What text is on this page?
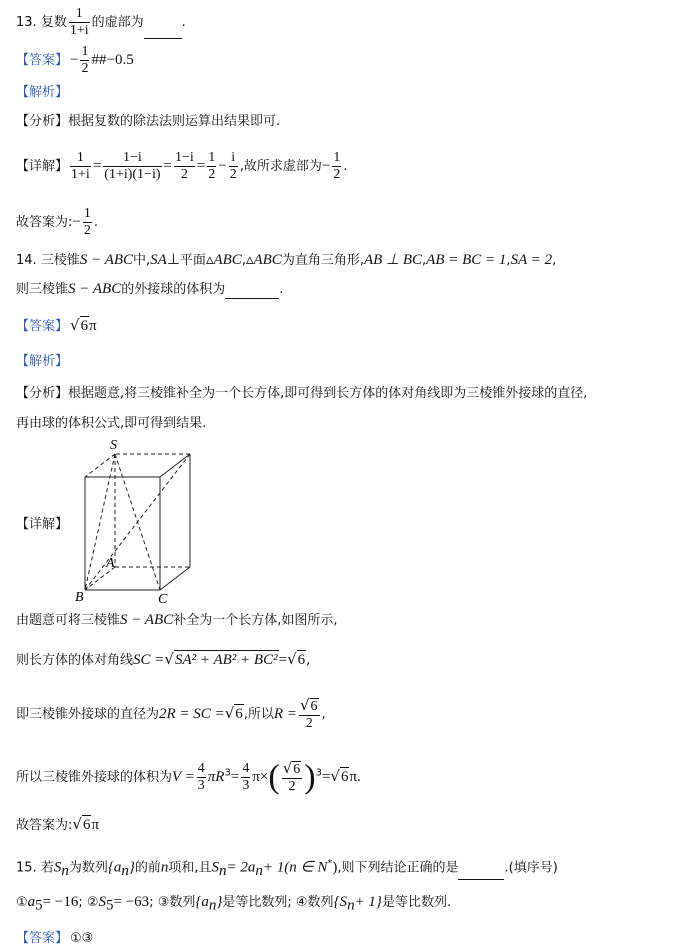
13. 复数 $\frac{1}{1+i}$ 的虚部为	.
【答案】 − $\frac{1}{2}$ ##−0.5
【解析】
【分析】根据复数的除法法则运算出结果即可.
【详解】 $\frac{1}{1+i} = \frac{1-i}{(1+i)(1-i)} = \frac{1-i}{2} = \frac{1}{2} - \frac{i}{2}$ ,故所求虚部为− $\frac{1}{2}$ .
故答案为:− $\frac{1}{2}$ .
14. 三棱锥S − ABC中,SA⊥平面▵ABC,▵ABC为直角三角形,AB ⊥ BC,AB = BC = 1,SA = 2,
则三棱锥S − ABC的外接球的体积为	.
【答案】 √6π
【解析】
【分析】根据题意,将三棱锥补全为一个长方体,即可得到长方体的体对角线即为三棱锥外接球的直径,
再由球的体积公式,即可得到结果.
【详解】
S
A
B	C
由题意可将三棱锥S − ABC补全为一个长方体,如图所示,
则长方体的体对角线SC =√SA² + AB² + BC²=√6,
即三棱锥外接球的直径为2R = SC =√6,所以$R = \frac{√6}{2}$ ,
所以三棱锥外接球的体积为$V = \frac{4}{3} \pi R^3= \frac{4}{3} \pi\times( \frac{√6}{2} )^3=√6\pi$.
故答案为:√6π
15. 若$S_n$为数列$\{a_n\}$的前n项和,且$S_n= 2a_n+ 1(n$ ∈ N*),则下列结论正确的是	.(填序号)
$①a_5= -16$; $②S_5= -63$; ③数列$\{a_n\}$是等比数列; ④数列$\{S_n+ 1\}$是等比数列.
【答案】 ①③
